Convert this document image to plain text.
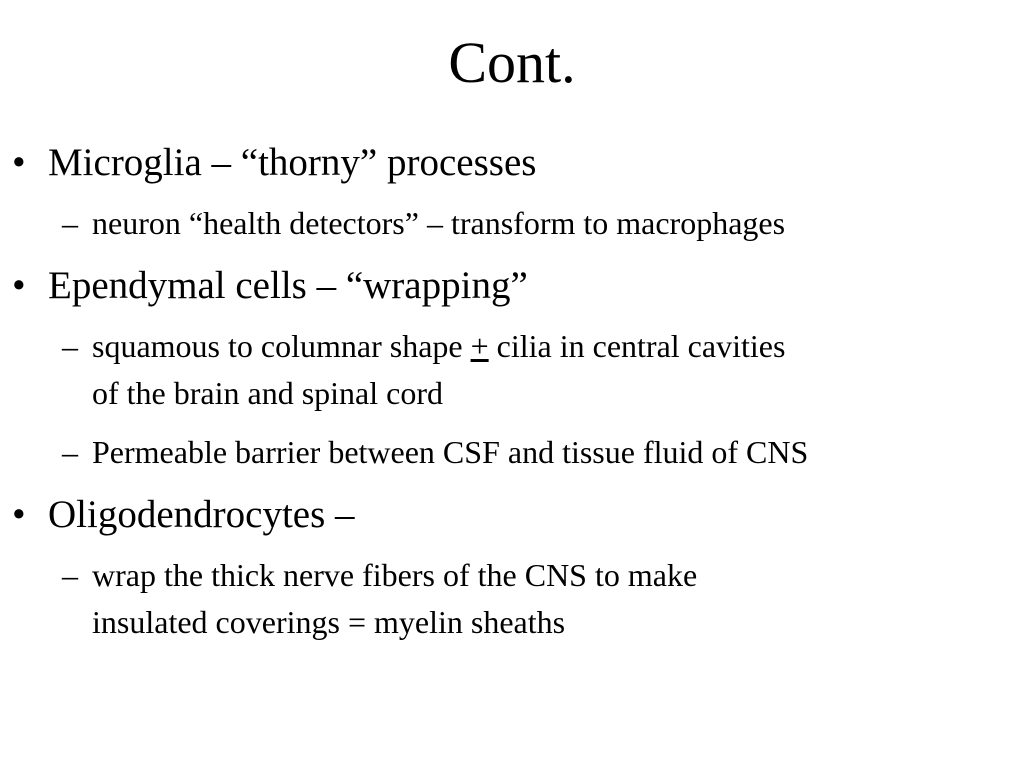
Cont.
• Microglia – “thorny” processes
– neuron “health detectors” – transform to macrophages
• Ependymal cells – “wrapping”
– squamous to columnar shape + cilia in central cavities
of the brain and spinal cord
– Permeable barrier between CSF and tissue fluid of CNS
• Oligodendrocytes –
– wrap the thick nerve fibers of the CNS to make
insulated coverings = myelin sheaths
